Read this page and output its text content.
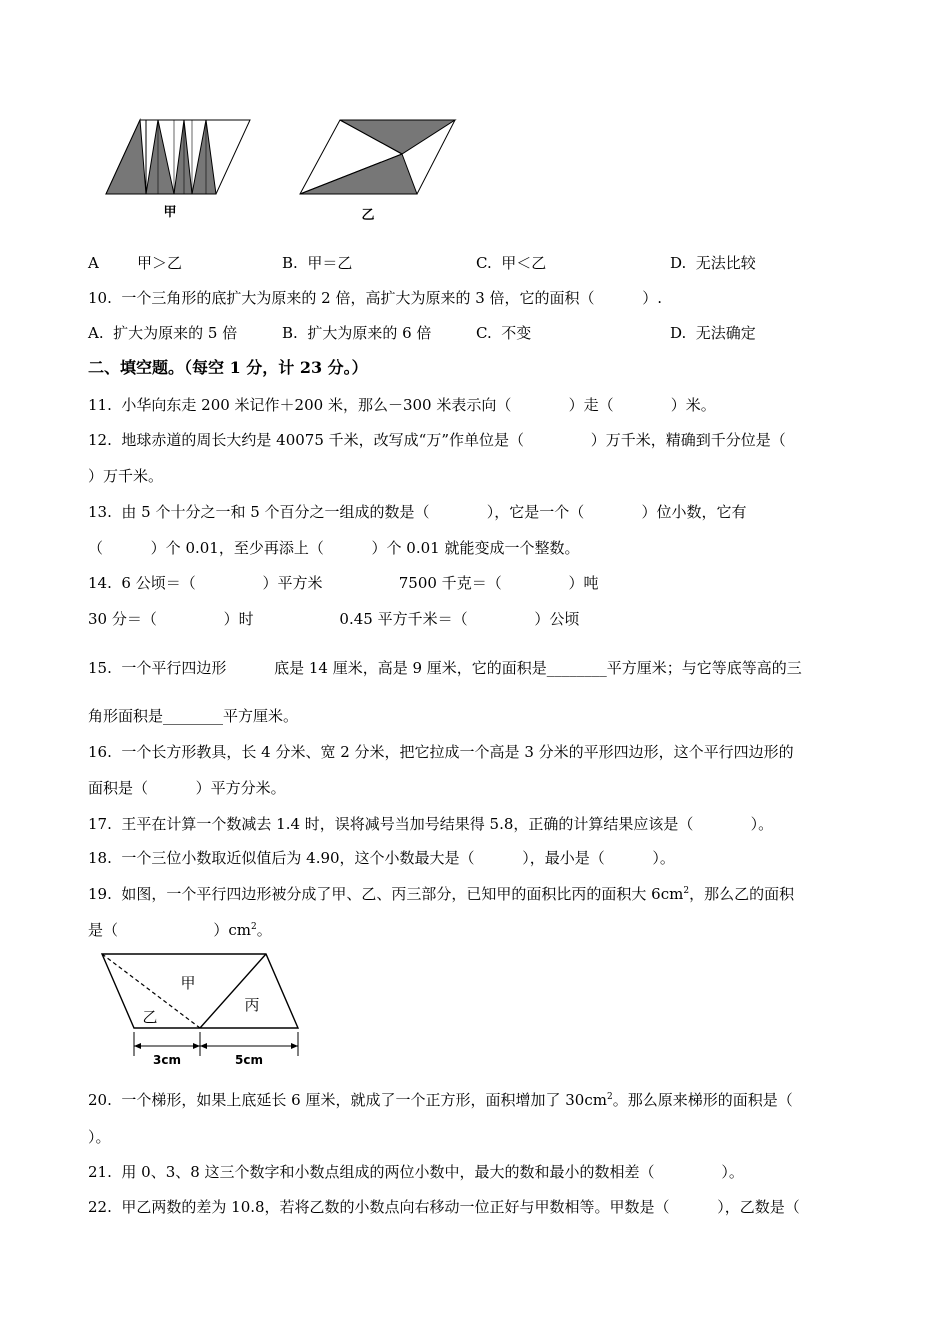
甲	乙
A        甲＞乙	B.  甲＝乙	C.  甲＜乙	D.  无法比较
10.  一个三角形的底扩大为原来的 2 倍，高扩大为原来的 3 倍，它的面积（          ）.
A.  扩大为原来的 5 倍	B.  扩大为原来的 6 倍	C.  不变	D.  无法确定
二、填空题。（每空 1 分，计 23 分。）
11.  小华向东走 200 米记作＋200 米，那么－300 米表示向（            ）走（            ）米。
12.  地球赤道的周长大约是 40075 千米，改写成“万”作单位是（              ）万千米，精确到千分位是（
）万千米。
13.  由 5 个十分之一和 5 个百分之一组成的数是（            ），它是一个（            ）位小数，它有
（          ）个 0.01，至少再添上（          ）个 0.01 就能变成一个整数。
14.  6 公顷＝（              ）平方米                7500 千克＝（              ）吨
30 分＝（              ）时                  0.45 平方千米＝（              ）公顷
15.  一个平行四边形          底是 14 厘米，高是 9 厘米，它的面积是________平方厘米；与它等底等高的三
角形面积是________平方厘米。
16.  一个长方形教具，长 4 分米、宽 2 分米，把它拉成一个高是 3 分米的平形四边形，这个平行四边形的
面积是（          ）平方分米。
17.  王平在计算一个数减去 1.4 时，误将减号当加号结果得 5.8，正确的计算结果应该是（            ）。
18.  一个三位小数取近似值后为 4.90，这个小数最大是（          ），最小是（          ）。
19.  如图，一个平行四边形被分成了甲、乙、丙三部分，已知甲的面积比丙的面积大 $6cm^2$，那么乙的面积
是（                    ）$cm^2$。
甲
乙
丙
3cm	5cm
20.  一个梯形，如果上底延长 6 厘米，就成了一个正方形，面积增加了 $30cm^2$。那么原来梯形的面积是（
）。
21.  用 0、3、8 这三个数字和小数点组成的两位小数中，最大的数和最小的数相差（              ）。
22.  甲乙两数的差为 10.8，若将乙数的小数点向右移动一位正好与甲数相等。甲数是（          ），乙数是（
